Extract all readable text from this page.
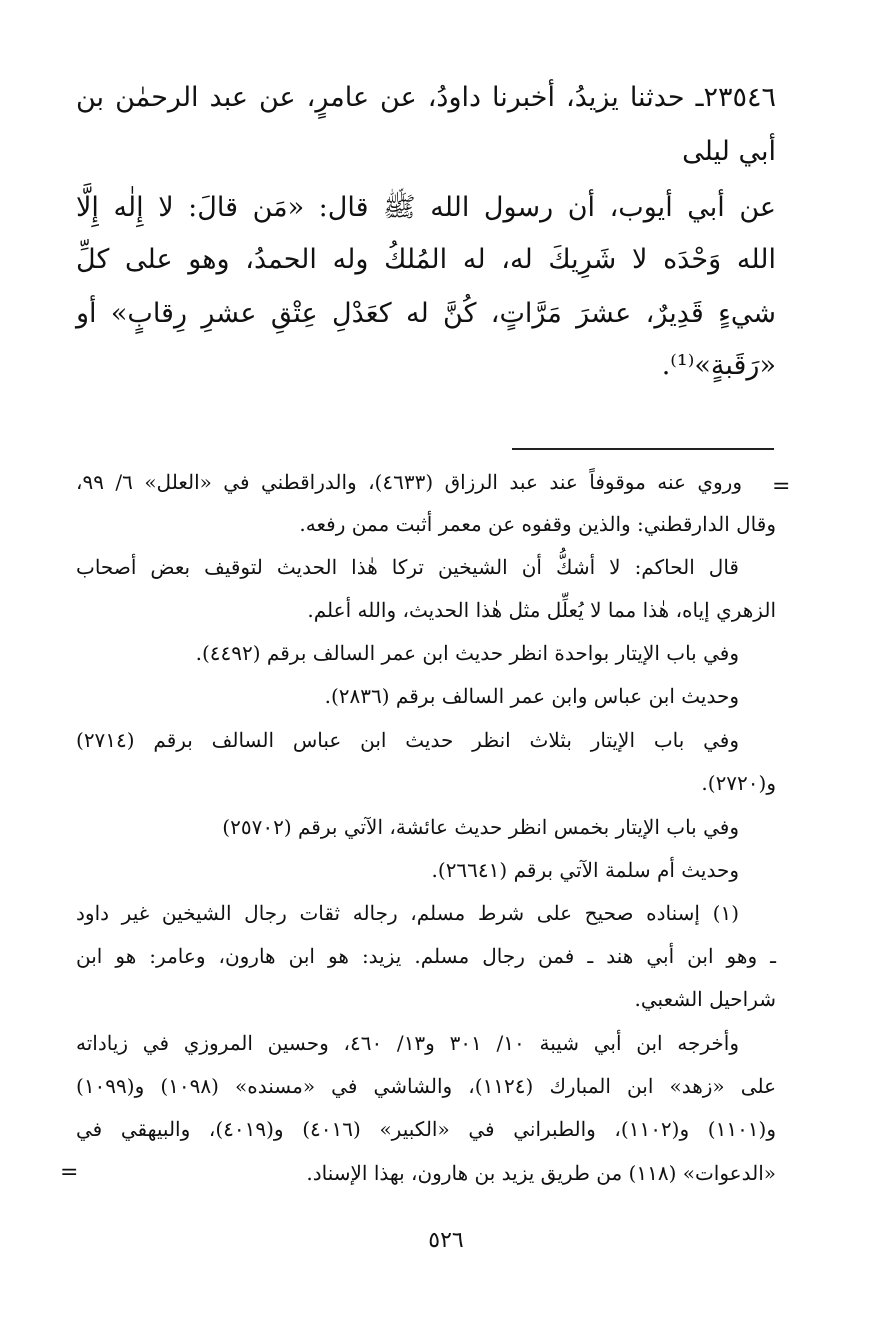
٢٣٥٤٦ـ حدثنا يزيدُ، أخبرنا داودُ، عن عامرٍ، عن عبد الرحمٰن بن
أبي ليلى
عن أبي أيوب، أن رسول الله ﷺ قال: «مَن قالَ: لا إِلٰه إِلَّا
الله وَحْدَه لا شَرِيكَ له، له المُلكُ وله الحمدُ، وهو على كلِّ
شيءٍ قَدِيرٌ، عشرَ مَرَّاتٍ، كُنَّ له كعَدْلِ عِتْقِ عشرِ رِقابٍ» أو
«رَقَبةٍ»⁽¹⁾.
=
وروي عنه موقوفاً عند عبد الرزاق (٤٦٣٣)، والدراقطني في «العلل» ٦/ ٩٩،
وقال الدارقطني: والذين وقفوه عن معمر أثبت ممن رفعه.
قال الحاكم: لا أشكُّ أن الشيخين تركا هٰذا الحديث لتوقيف بعض أصحاب
الزهري إياه، هٰذا مما لا يُعلِّل مثل هٰذا الحديث، والله أعلم.
وفي باب الإيتار بواحدة انظر حديث ابن عمر السالف برقم (٤٤٩٢).
وحديث ابن عباس وابن عمر السالف برقم (٢٨٣٦).
وفي باب الإيتار بثلاث انظر حديث ابن عباس السالف برقم (٢٧١٤)
و(٢٧٢٠).
وفي باب الإيتار بخمس انظر حديث عائشة، الآتي برقم (٢٥٧٠٢)
وحديث أم سلمة الآتي برقم (٢٦٦٤١).
(١) إسناده صحيح على شرط مسلم، رجاله ثقات رجال الشيخين غير داود
ـ وهو ابن أبي هند ـ فمن رجال مسلم. يزيد: هو ابن هارون، وعامر: هو ابن
شراحيل الشعبي.
وأخرجه ابن أبي شيبة ١٠/ ٣٠١ و١٣/ ٤٦٠، وحسين المروزي في زياداته
على «زهد» ابن المبارك (١١٢٤)، والشاشي في «مسنده» (١٠٩٨) و(١٠٩٩)
و(١١٠١) و(١١٠٢)، والطبراني في «الكبير» (٤٠١٦) و(٤٠١٩)، والبيهقي في
«الدعوات» (١١٨) من طريق يزيد بن هارون، بهذا الإسناد.
=
٥٢٦
